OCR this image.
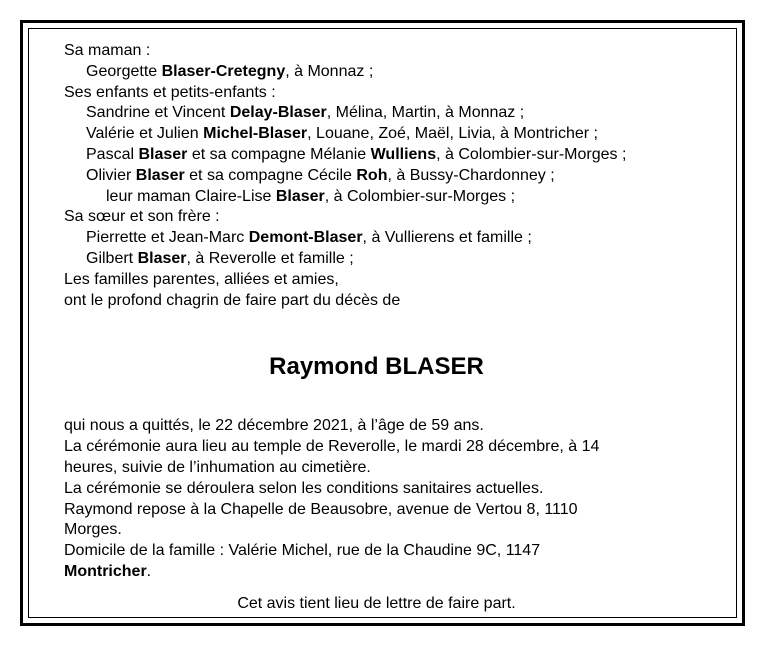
Sa maman :
Georgette Blaser-Cretegny, à Monnaz ;
Ses enfants et petits-enfants :
Sandrine et Vincent Delay-Blaser, Mélina, Martin, à Monnaz ;
Valérie et Julien Michel-Blaser, Louane, Zoé, Maël, Livia, à Montricher ;
Pascal Blaser et sa compagne Mélanie Wulliens, à Colombier-sur-Morges ;
Olivier Blaser et sa compagne Cécile Roh, à Bussy-Chardonney ;
leur maman Claire-Lise Blaser, à Colombier-sur-Morges ;
Sa sœur et son frère :
Pierrette et Jean-Marc Demont-Blaser, à Vullierens et famille ;
Gilbert Blaser, à Reverolle et famille ;
Les familles parentes, alliées et amies,
ont le profond chagrin de faire part du décès de
Raymond BLASER
qui nous a quittés, le 22 décembre 2021, à l’âge de 59 ans.
La cérémonie aura lieu au temple de Reverolle, le mardi 28 décembre, à 14
heures, suivie de l’inhumation au cimetière.
La cérémonie se déroulera selon les conditions sanitaires actuelles.
Raymond repose à la Chapelle de Beausobre, avenue de Vertou 8, 1110
Morges.
Domicile de la famille : Valérie Michel, rue de la Chaudine 9C, 1147
Montricher.
Cet avis tient lieu de lettre de faire part.
